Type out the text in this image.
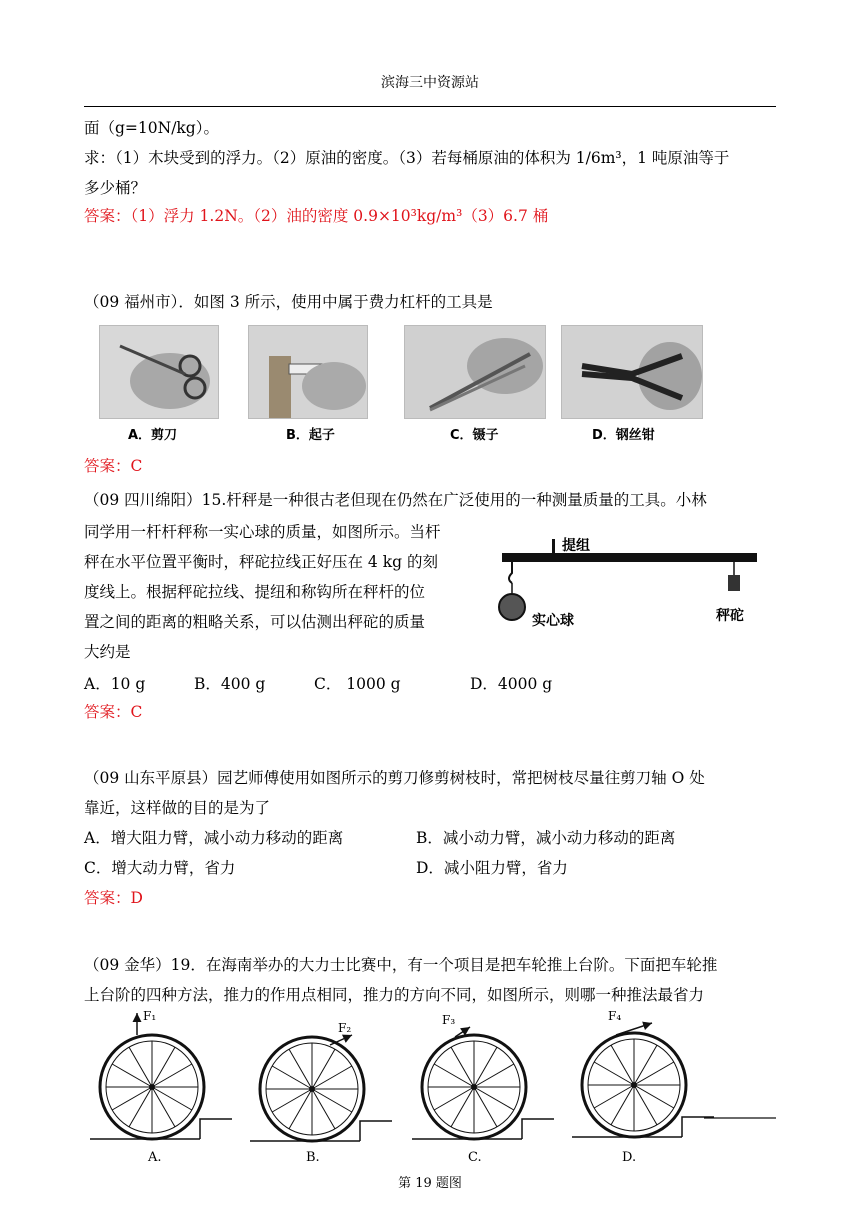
滨海三中资源站
面（g=10N/kg）。
求：（1）木块受到的浮力。（2）原油的密度。（3）若每桶原油的体积为 1/6m³，1 吨原油等于
多少桶？
答案：（1）浮力 1.2N。（2）油的密度 0.9×10³kg/m³（3）6.7 桶
（09 福州市）．如图 3 所示，使用中属于费力杠杆的工具是
A．剪刀	B．起子	C．镊子	D．钢丝钳
答案：C
（09 四川绵阳）15.杆秤是一种很古老但现在仍然在广泛使用的一种测量质量的工具。小林
同学用一杆杆秤称一实心球的质量，如图所示。当杆
秤在水平位置平衡时，秤砣拉线正好压在 4 kg 的刻
度线上。根据秤砣拉线、提纽和称钩所在秤杆的位
置之间的距离的粗略关系，可以估测出秤砣的质量
大约是
提组
实心球	秤砣
A．10 g	B．400 g	C． 1000 g	D．4000 g
答案：C
（09 山东平原县）园艺师傅使用如图所示的剪刀修剪树枝时，常把树枝尽量往剪刀轴 O 处
靠近，这样做的目的是为了
A．增大阻力臂，减小动力移动的距离	B．减小动力臂，减小动力移动的距离
C．增大动力臂，省力	D．减小阻力臂，省力
答案：D
（09 金华）19．在海南举办的大力士比赛中，有一个项目是把车轮推上台阶。下面把车轮推
上台阶的四种方法，推力的作用点相同，推力的方向不同，如图所示，则哪一种推法最省力
F₁
F₂
F₃	F₄
A.	B.	C.	D.
第 19 题图
